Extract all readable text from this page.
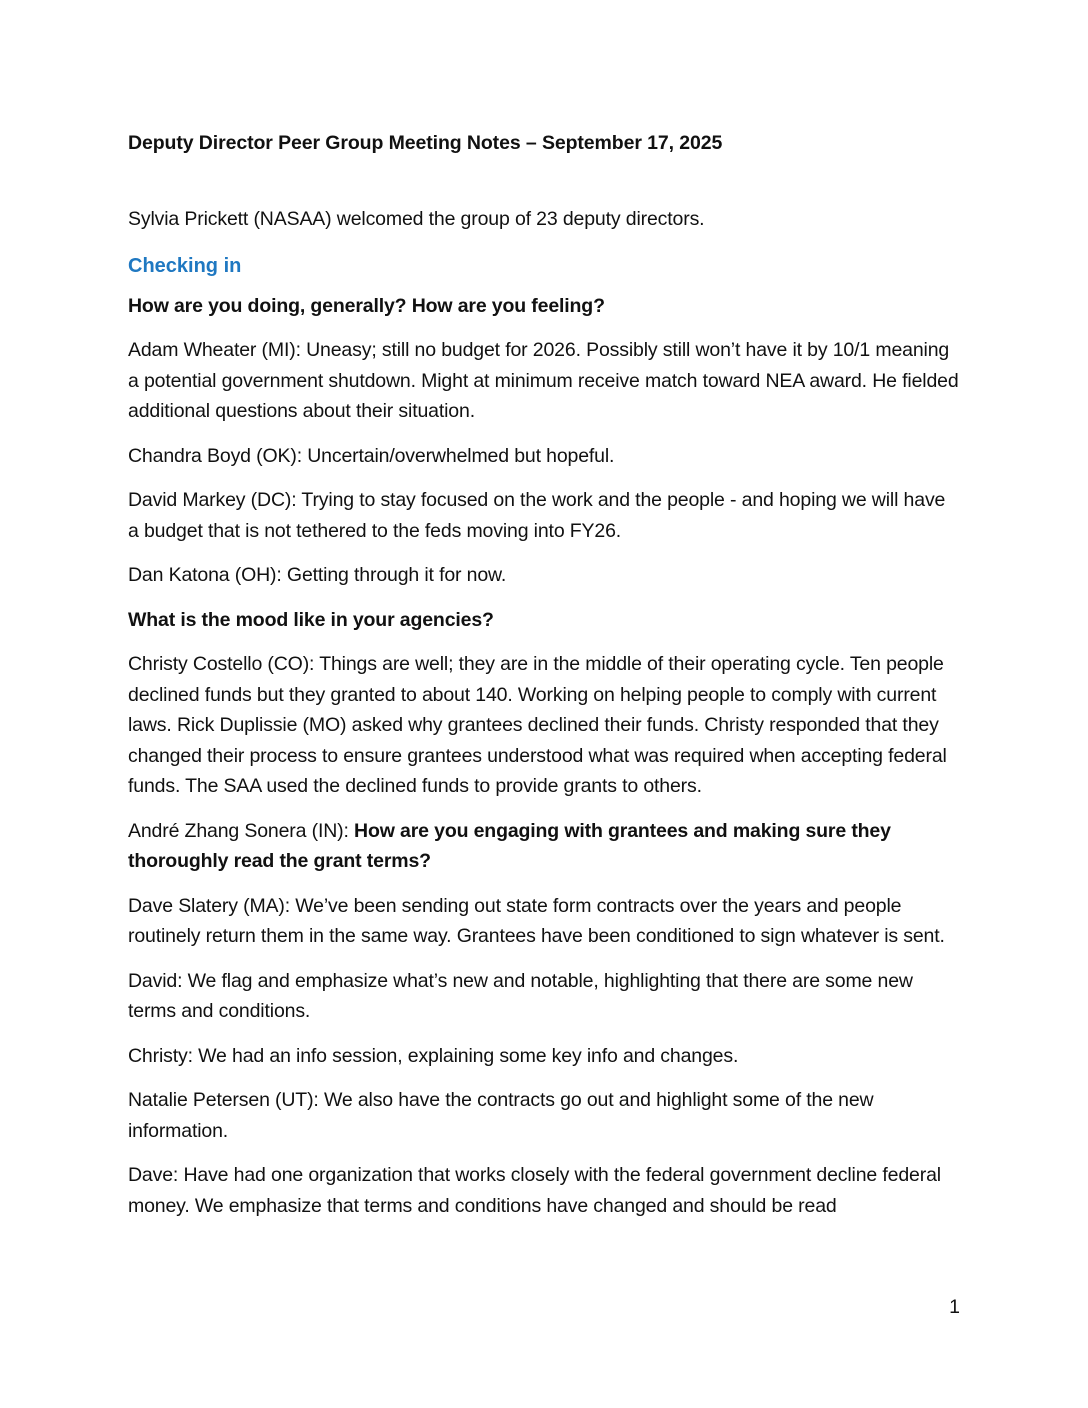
Deputy Director Peer Group Meeting Notes – September 17, 2025

Sylvia Prickett (NASAA) welcomed the group of 23 deputy directors.

Checking in

How are you doing, generally? How are you feeling?

Adam Wheater (MI): Uneasy; still no budget for 2026. Possibly still won’t have it by 10/1 meaning a potential government shutdown. Might at minimum receive match toward NEA award. He fielded additional questions about their situation.

Chandra Boyd (OK): Uncertain/overwhelmed but hopeful.

David Markey (DC): Trying to stay focused on the work and the people - and hoping we will have a budget that is not tethered to the feds moving into FY26.

Dan Katona (OH): Getting through it for now.

What is the mood like in your agencies?

Christy Costello (CO): Things are well; they are in the middle of their operating cycle. Ten people declined funds but they granted to about 140. Working on helping people to comply with current laws. Rick Duplissie (MO) asked why grantees declined their funds. Christy responded that they changed their process to ensure grantees understood what was required when accepting federal funds. The SAA used the declined funds to provide grants to others.

André Zhang Sonera (IN): How are you engaging with grantees and making sure they thoroughly read the grant terms?

Dave Slatery (MA): We’ve been sending out state form contracts over the years and people routinely return them in the same way. Grantees have been conditioned to sign whatever is sent.

David: We flag and emphasize what’s new and notable, highlighting that there are some new terms and conditions.

Christy: We had an info session, explaining some key info and changes.

Natalie Petersen (UT): We also have the contracts go out and highlight some of the new information.

Dave: Have had one organization that works closely with the federal government decline federal money. We emphasize that terms and conditions have changed and should be read

1
